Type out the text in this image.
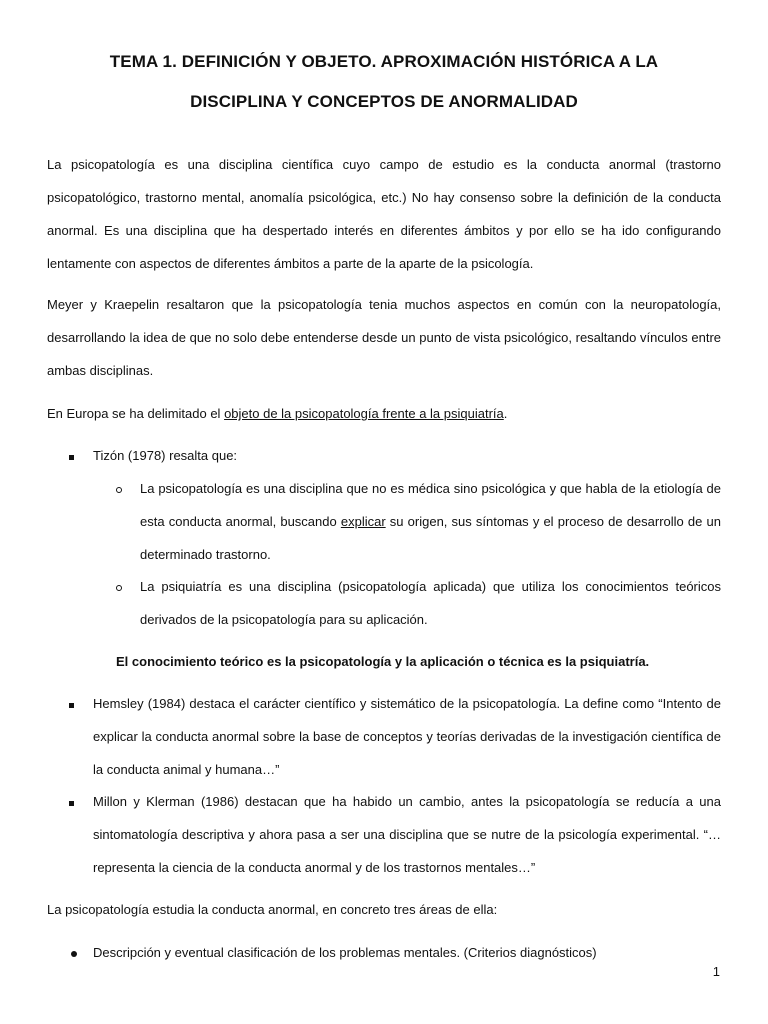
TEMA 1. DEFINICIÓN Y OBJETO. APROXIMACIÓN HISTÓRICA A LA
DISCIPLINA Y CONCEPTOS DE ANORMALIDAD

La psicopatología es una disciplina científica cuyo campo de estudio es la conducta anormal (trastorno psicopatológico, trastorno mental, anomalía psicológica, etc.) No hay consenso sobre la definición de la conducta anormal. Es una disciplina que ha despertado interés en diferentes ámbitos y por ello se ha ido configurando lentamente con aspectos de diferentes ámbitos a parte de la aparte de la psicología.

Meyer y Kraepelin resaltaron que la psicopatología tenia muchos aspectos en común con la neuropatología, desarrollando la idea de que no solo debe entenderse desde un punto de vista psicológico, resaltando vínculos entre ambas disciplinas.

En Europa se ha delimitado el objeto de la psicopatología frente a la psiquiatría.

Tizón (1978) resalta que:

La psicopatología es una disciplina que no es médica sino psicológica y que habla de la etiología de esta conducta anormal, buscando explicar su origen, sus síntomas y el proceso de desarrollo de un determinado trastorno.

La psiquiatría es una disciplina (psicopatología aplicada) que utiliza los conocimientos teóricos derivados de la psicopatología para su aplicación.

El conocimiento teórico es la psicopatología y la aplicación o técnica es la psiquiatría.

Hemsley (1984) destaca el carácter científico y sistemático de la psicopatología. La define como “Intento de explicar la conducta anormal sobre la base de conceptos y teorías derivadas de la investigación científica de la conducta animal y humana…”

Millon y Klerman (1986) destacan que ha habido un cambio, antes la psicopatología se reducía a una sintomatología descriptiva y ahora pasa a ser una disciplina que se nutre de la psicología experimental. “…representa la ciencia de la conducta anormal y de los trastornos mentales…”

La psicopatología estudia la conducta anormal, en concreto tres áreas de ella:

Descripción y eventual clasificación de los problemas mentales. (Criterios diagnósticos)

1
